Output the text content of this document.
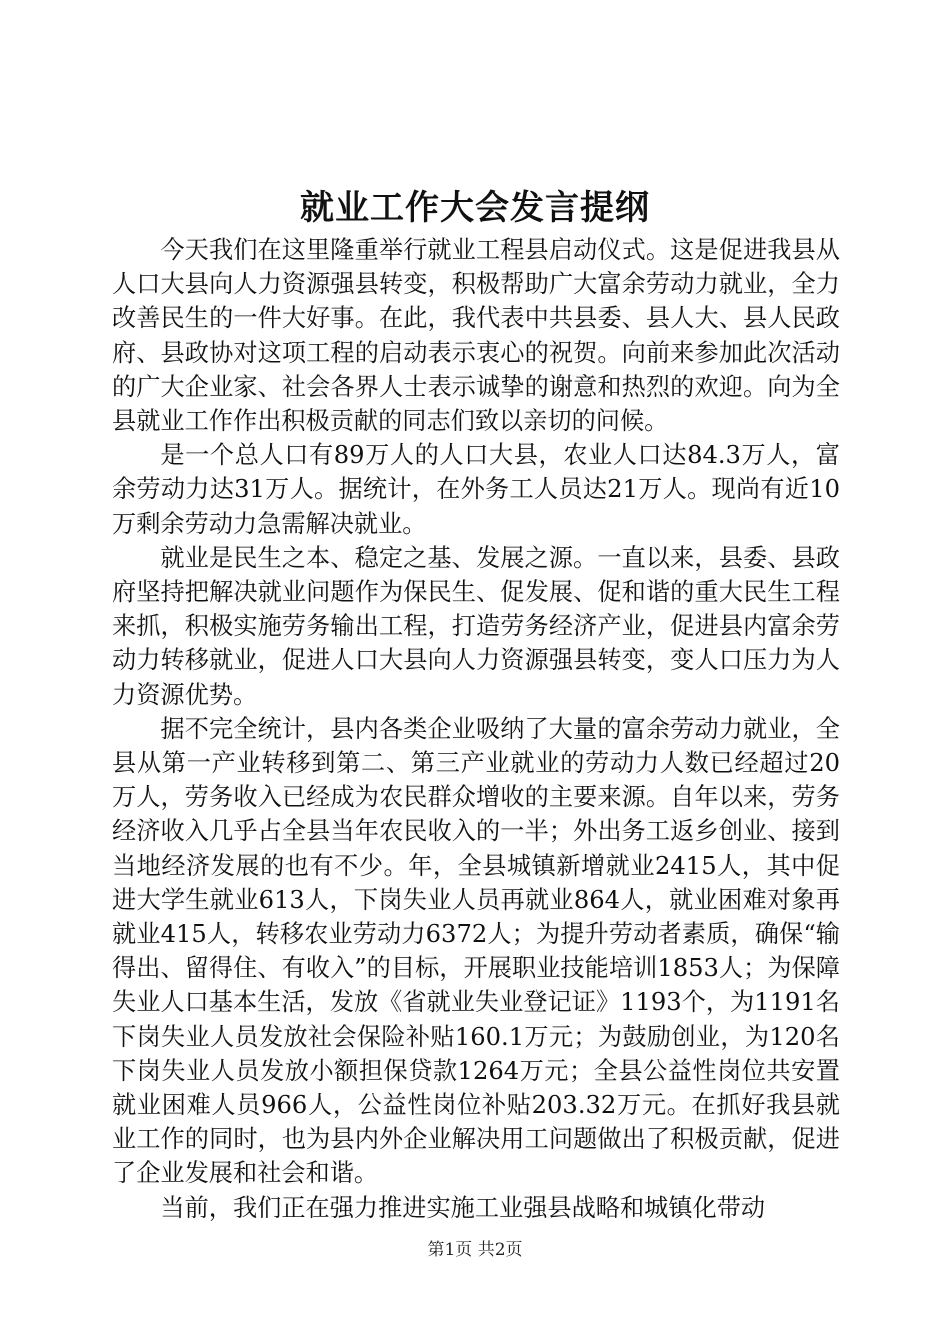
就业工作大会发言提纲

今天我们在这里隆重举行就业工程县启动仪式。这是促进我县从人口大县向人力资源强县转变，积极帮助广大富余劳动力就业，全力改善民生的一件大好事。在此，我代表中共县委、县人大、县人民政府、县政协对这项工程的启动表示衷心的祝贺。向前来参加此次活动的广大企业家、社会各界人士表示诚挚的谢意和热烈的欢迎。向为全县就业工作作出积极贡献的同志们致以亲切的问候。

是一个总人口有89万人的人口大县，农业人口达84.3万人，富余劳动力达31万人。据统计，在外务工人员达21万人。现尚有近10万剩余劳动力急需解决就业。

就业是民生之本、稳定之基、发展之源。一直以来，县委、县政府坚持把解决就业问题作为保民生、促发展、促和谐的重大民生工程来抓，积极实施劳务输出工程，打造劳务经济产业，促进县内富余劳动力转移就业，促进人口大县向人力资源强县转变，变人口压力为人力资源优势。

据不完全统计，县内各类企业吸纳了大量的富余劳动力就业，全县从第一产业转移到第二、第三产业就业的劳动力人数已经超过20万人，劳务收入已经成为农民群众增收的主要来源。自年以来，劳务经济收入几乎占全县当年农民收入的一半；外出务工返乡创业、接到当地经济发展的也有不少。年，全县城镇新增就业2415人，其中促进大学生就业613人，下岗失业人员再就业864人，就业困难对象再就业415人，转移农业劳动力6372人；为提升劳动者素质，确保“输得出、留得住、有收入”的目标，开展职业技能培训1853人；为保障失业人口基本生活，发放《省就业失业登记证》1193个，为1191名下岗失业人员发放社会保险补贴160.1万元；为鼓励创业，为120名下岗失业人员发放小额担保贷款1264万元；全县公益性岗位共安置就业困难人员966人，公益性岗位补贴203.32万元。在抓好我县就业工作的同时，也为县内外企业解决用工问题做出了积极贡献，促进了企业发展和社会和谐。

当前，我们正在强力推进实施工业强县战略和城镇化带动

第1页 共2页
